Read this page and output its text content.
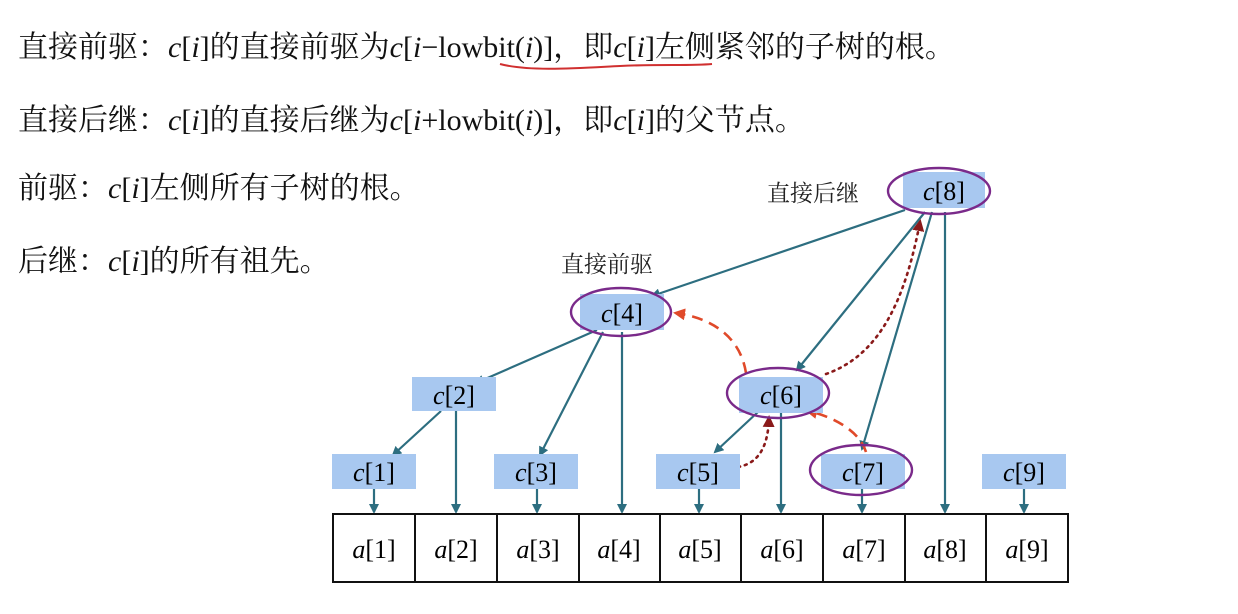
直接前驱：c[i]的直接前驱为c[i−lowbit(i)]，即c[i]左侧紧邻的子树的根。
直接后继：c[i]的直接后继为c[i+lowbit(i)]，即c[i]的父节点。
前驱：c[i]左侧所有子树的根。
后继：c[i]的所有祖先。
c[8]
c[4]
c[2]	c[6]
c[1]	c[3]	c[5]	c[7]	c[9]
直接后继
直接前驱
a[1] a[2] a[3] a[4] a[5] a[6] a[7] a[8] a[9]
